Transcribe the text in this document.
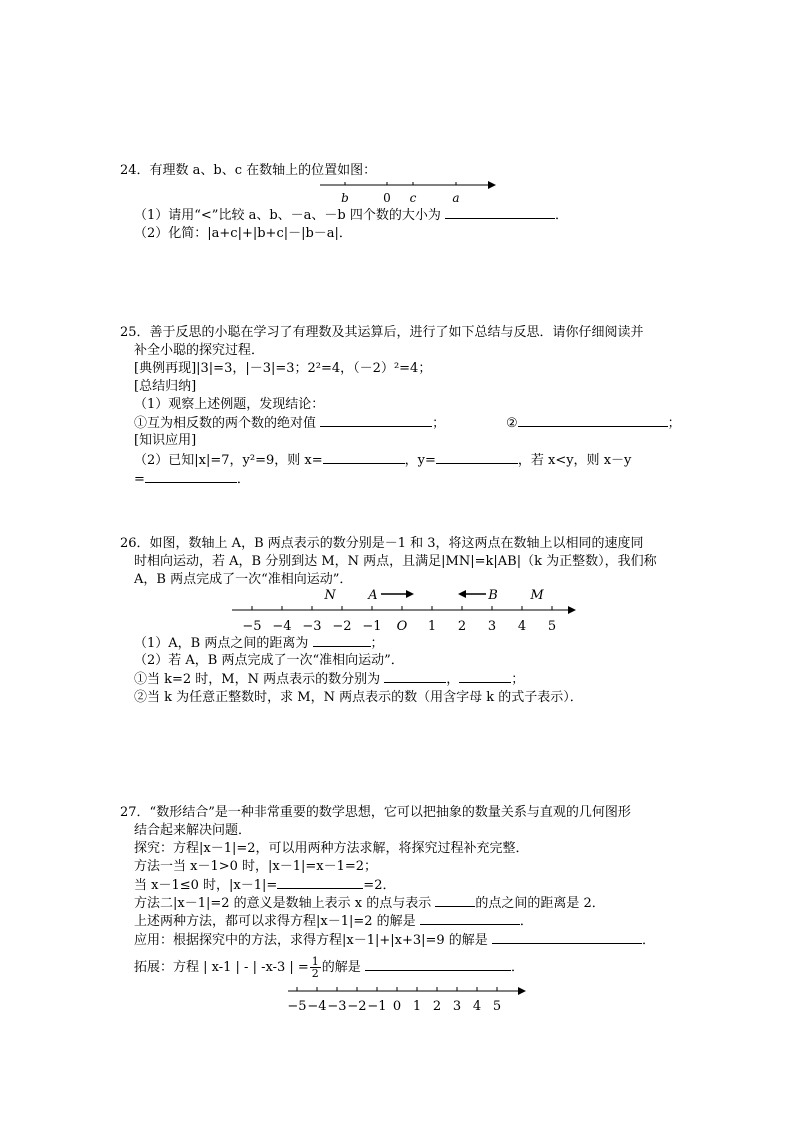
24．有理数 a、b、c 在数轴上的位置如图：
b	0 c	a
（1）请用“<”比较 a、b、－a、－b 四个数的大小为	．
（2）化简：|a+c|+|b+c|－|b－a|．
25．善于反思的小聪在学习了有理数及其运算后，进行了如下总结与反思．请你仔细阅读并
补全小聪的探究过程．
[典例再现]|3|=3，|－3|=3；2²=4，（－2）²=4；
[总结归纳]
（1）观察上述例题，发现结论：
①互为相反数的两个数的绝对值	；	②	；
[知识应用]
（2）已知|x|=7，y²=9，则 x=	，y=	，若 x<y，则 x－y
=	．
26．如图，数轴上 A，B 两点表示的数分别是－1 和 3，将这两点在数轴上以相同的速度同
时相向运动，若 A，B 分别到达 M，N 两点，且满足|MN|=k|AB|（k 为正整数），我们称
A，B 两点完成了一次“准相向运动”．
N	A	B	M
−5 −4 −3 −2 −1 O 1 2 3 4 5
（1）A，B 两点之间的距离为	；
（2）若 A，B 两点完成了一次“准相向运动”．
①当 k=2 时，M，N 两点表示的数分别为	，	；
②当 k 为任意正整数时，求 M，N 两点表示的数（用含字母 k 的式子表示）．
27．“数形结合”是一种非常重要的数学思想，它可以把抽象的数量关系与直观的几何图形
结合起来解决问题．
探究：方程|x－1|=2，可以用两种方法求解，将探究过程补充完整．
方法一当 x－1>0 时，|x－1|=x－1=2；
当 x－1≤0 时，|x－1|=	=2．
方法二|x－1|=2 的意义是数轴上表示 x 的点与表示	的点之间的距离是 2．
上述两种方法，都可以求得方程|x－1|=2 的解是	．
应用：根据探究中的方法，求得方程|x－1|+|x+3|=9 的解是	．
拓展：方程 | x-1 | - | -x-3 | = $\frac{1}{2}$ 的解是	．
−5 −4 −3 −2 −1 0 1 2 3 4 5
